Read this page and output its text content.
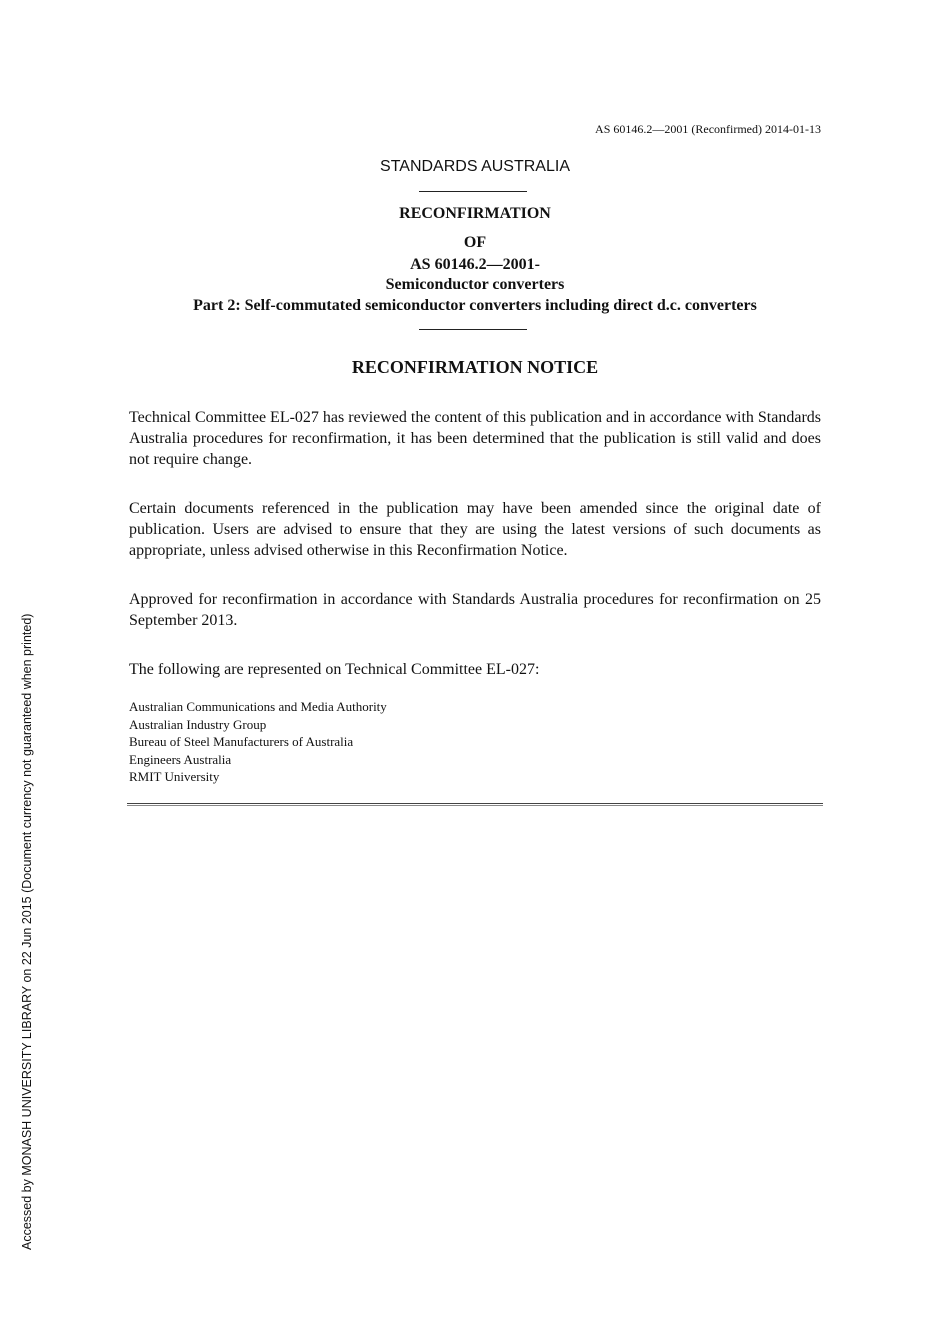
AS 60146.2—2001 (Reconfirmed) 2014-01-13
STANDARDS AUSTRALIA
RECONFIRMATION
OF
AS 60146.2—2001-
Semiconductor converters
Part 2: Self-commutated semiconductor converters including direct d.c. converters
RECONFIRMATION NOTICE

Technical Committee EL-027 has reviewed the content of this publication and in accordance with Standards Australia procedures for reconfirmation, it has been determined that the publication is still valid and does not require change.

Certain documents referenced in the publication may have been amended since the original date of publication. Users are advised to ensure that they are using the latest versions of such documents as appropriate, unless advised otherwise in this Reconfirmation Notice.

Approved for reconfirmation in accordance with Standards Australia procedures for reconfirmation on 25 September 2013.

The following are represented on Technical Committee EL-027:

Australian Communications and Media Authority
Australian Industry Group
Bureau of Steel Manufacturers of Australia
Engineers Australia
RMIT University
Accessed by MONASH UNIVERSITY LIBRARY on 22 Jun 2015 (Document currency not guaranteed when printed)
